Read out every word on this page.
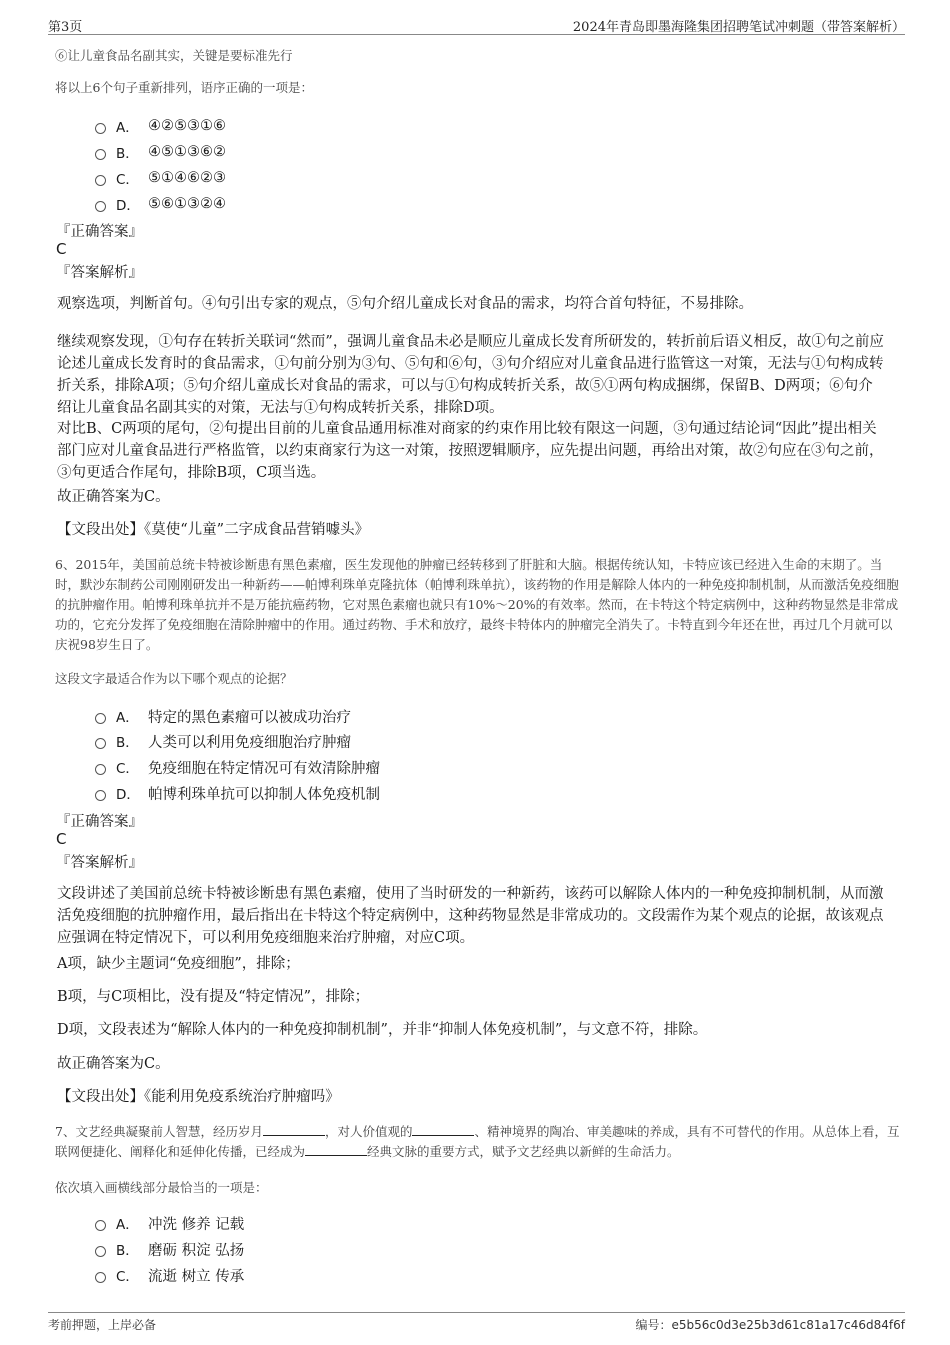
第3页	2024年青岛即墨海隆集团招聘笔试冲刺题（带答案解析）
⑥让儿童食品名副其实，关键是要标准先行
将以上6个句子重新排列，语序正确的一项是：
A． ④②⑤③①⑥
B． ④⑤①③⑥②
C． ⑤①④⑥②③
D． ⑤⑥①③②④
『正确答案』
C
『答案解析』
观察选项，判断首句。④句引出专家的观点，⑤句介绍儿童成长对食品的需求，均符合首句特征，不易排除。
继续观察发现，①句存在转折关联词“然而”，强调儿童食品未必是顺应儿童成长发育所研发的，转折前后语义相反，故①句之前应论述儿童成长发育时的食品需求，①句前分别为③句、⑤句和⑥句，③句介绍应对儿童食品进行监管这一对策，无法与①句构成转折关系，排除A项；⑤句介绍儿童成长对食品的需求，可以与①句构成转折关系，故⑤①两句构成捆绑，保留B、D两项；⑥句介绍让儿童食品名副其实的对策，无法与①句构成转折关系，排除D项。
对比B、C两项的尾句，②句提出目前的儿童食品通用标准对商家的约束作用比较有限这一问题，③句通过结论词“因此”提出相关部门应对儿童食品进行严格监管，以约束商家行为这一对策，按照逻辑顺序，应先提出问题，再给出对策，故②句应在③句之前，③句更适合作尾句，排除B项，C项当选。
故正确答案为C。
【文段出处】《莫使“儿童”二字成食品营销噱头》
6、2015年，美国前总统卡特被诊断患有黑色素瘤，医生发现他的肿瘤已经转移到了肝脏和大脑。根据传统认知，卡特应该已经进入生命的末期了。当时，默沙东制药公司刚刚研发出一种新药——帕博利珠单克隆抗体（帕博利珠单抗），该药物的作用是解除人体内的一种免疫抑制机制，从而激活免疫细胞的抗肿瘤作用。帕博利珠单抗并不是万能抗癌药物，它对黑色素瘤也就只有10%～20%的有效率。然而，在卡特这个特定病例中，这种药物显然是非常成功的，它充分发挥了免疫细胞在清除肿瘤中的作用。通过药物、手术和放疗，最终卡特体内的肿瘤完全消失了。卡特直到今年还在世，再过几个月就可以庆祝98岁生日了。
这段文字最适合作为以下哪个观点的论据？
A． 特定的黑色素瘤可以被成功治疗
B． 人类可以利用免疫细胞治疗肿瘤
C． 免疫细胞在特定情况可有效清除肿瘤
D． 帕博利珠单抗可以抑制人体免疫机制
『正确答案』
C
『答案解析』
文段讲述了美国前总统卡特被诊断患有黑色素瘤，使用了当时研发的一种新药，该药可以解除人体内的一种免疫抑制机制，从而激活免疫细胞的抗肿瘤作用，最后指出在卡特这个特定病例中，这种药物显然是非常成功的。文段需作为某个观点的论据，故该观点应强调在特定情况下，可以利用免疫细胞来治疗肿瘤，对应C项。
A项，缺少主题词“免疫细胞”，排除；
B项，与C项相比，没有提及“特定情况”，排除；
D项，文段表述为“解除人体内的一种免疫抑制机制”，并非“抑制人体免疫机制”，与文意不符，排除。
故正确答案为C。
【文段出处】《能利用免疫系统治疗肿瘤吗》
7、文艺经典凝聚前人智慧，经历岁月	，对人价值观的	、精神境界的陶冶、审美趣味的养成，具有不可替代的作用。从总体上看，互联网便捷化、阐释化和延伸化传播，已经成为	经典文脉的重要方式，赋予文艺经典以新鲜的生命活力。
依次填入画横线部分最恰当的一项是：
A． 冲洗 修养 记载
B． 磨砺 积淀 弘扬
C． 流逝 树立 传承
考前押题，上岸必备	编号：e5b56c0d3e25b3d61c81a17c46d84f6f
